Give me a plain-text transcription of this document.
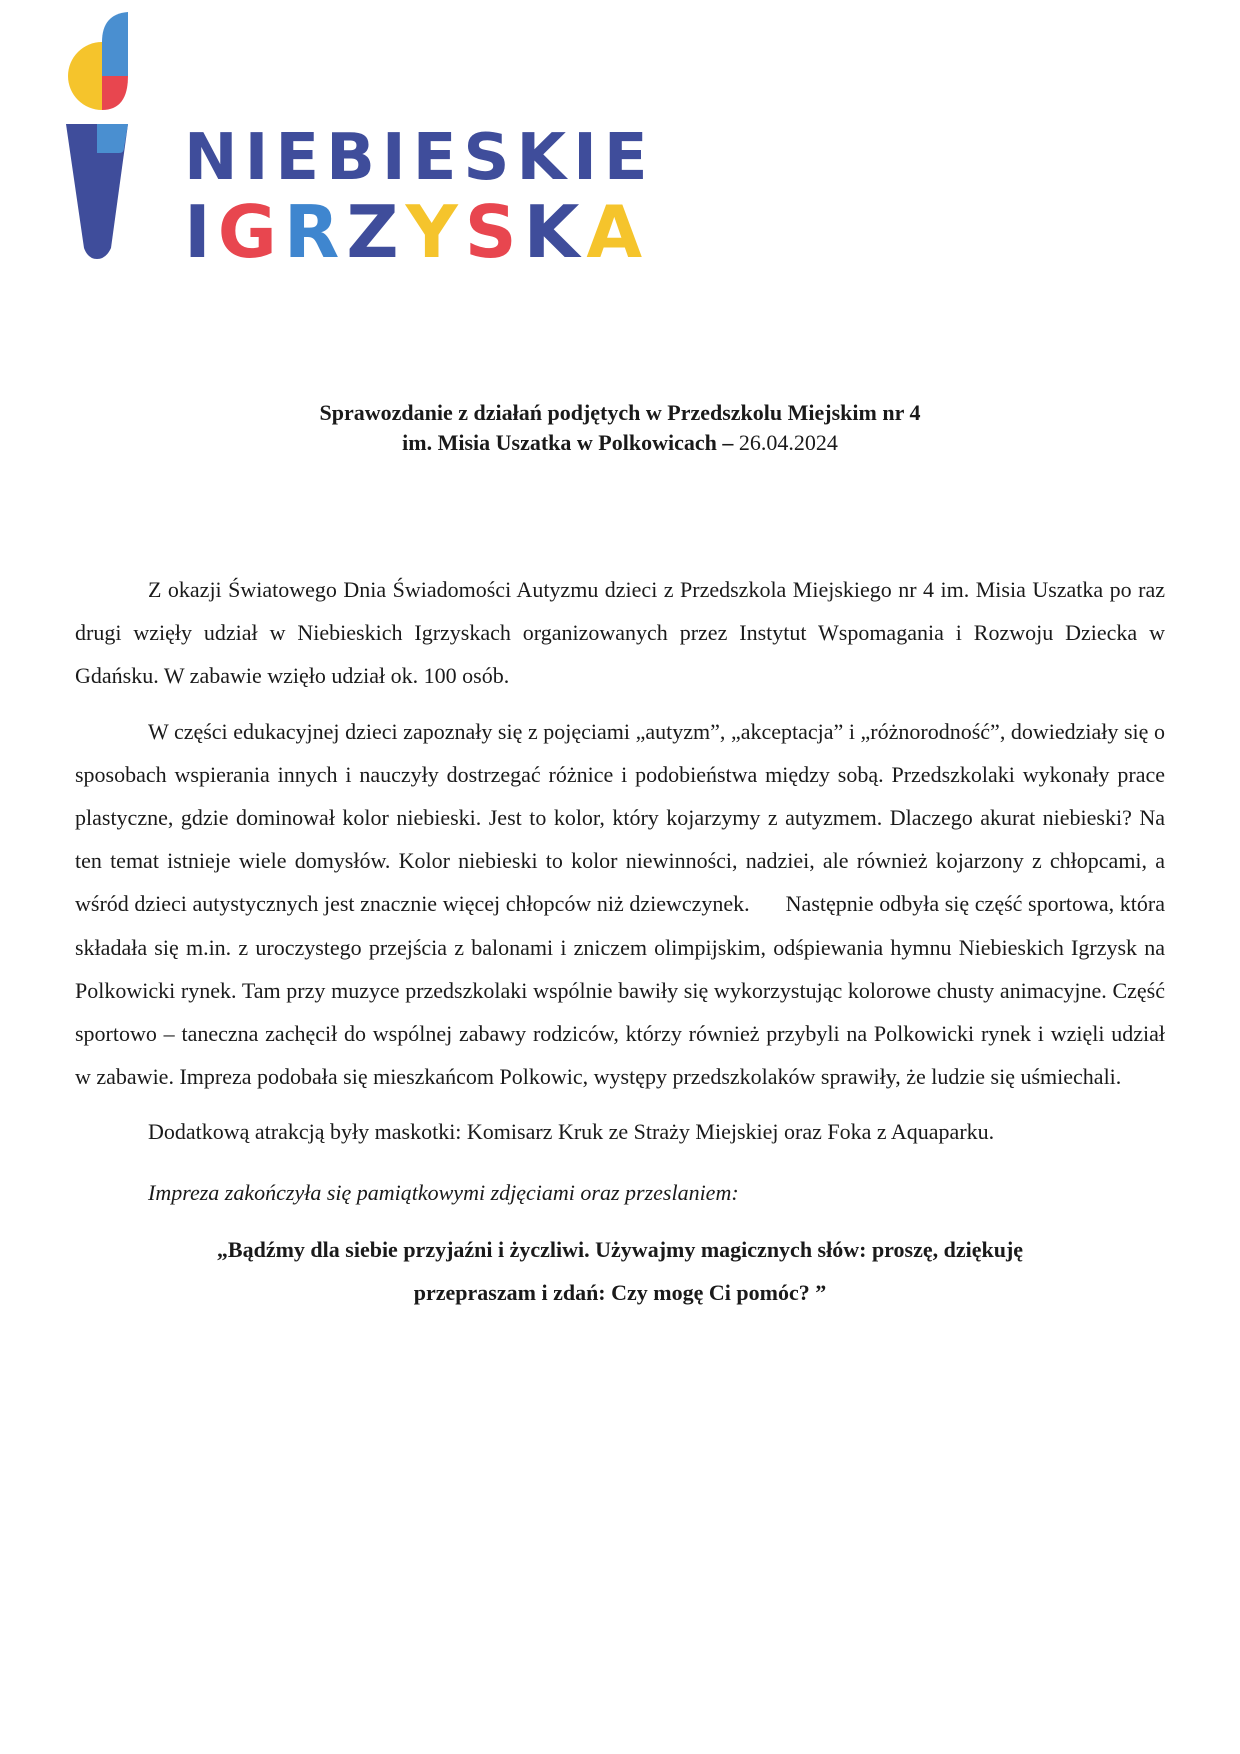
NIEBIESKIE
IGRZYSKA
Sprawozdanie z działań podjętych w Przedszkolu Miejskim nr 4
im. Misia Uszatka w Polkowicach – 26.04.2024

Z okazji Światowego Dnia Świadomości Autyzmu dzieci z Przedszkola Miejskiego nr 4 im. Misia Uszatka po raz drugi wzięły udział w Niebieskich Igrzyskach organizowanych przez Instytut Wspomagania i Rozwoju Dziecka w Gdańsku. W zabawie wzięło udział ok. 100 osób.

W części edukacyjnej dzieci zapoznały się z pojęciami „autyzm”, „akceptacja” i „różnorodność”, dowiedziały się o sposobach wspierania innych i nauczyły dostrzegać różnice i podobieństwa między sobą. Przedszkolaki wykonały prace plastyczne, gdzie dominował kolor niebieski. Jest to kolor, który kojarzymy z autyzmem. Dlaczego akurat niebieski? Na ten temat istnieje wiele domysłów. Kolor niebieski to kolor niewinności, nadziei, ale również kojarzony z chłopcami, a wśród dzieci autystycznych jest znacznie więcej chłopców niż dziewczynek. Następnie odbyła się część sportowa, która składała się m.in. z uroczystego przejścia z balonami i zniczem olimpijskim, odśpiewania hymnu Niebieskich Igrzysk na Polkowicki rynek. Tam przy muzyce przedszkolaki wspólnie bawiły się wykorzystując kolorowe chusty animacyjne. Część sportowo – taneczna zachęcił do wspólnej zabawy rodziców, którzy również przybyli na Polkowicki rynek i wzięli udział w zabawie. Impreza podobała się mieszkańcom Polkowic, występy przedszkolaków sprawiły, że ludzie się uśmiechali.

Dodatkową atrakcją były maskotki: Komisarz Kruk ze Straży Miejskiej oraz Foka z Aquaparku.

Impreza zakończyła się pamiątkowymi zdjęciami oraz przeslaniem:

„Bądźmy dla siebie przyjaźni i życzliwi. Używajmy magicznych słów: proszę, dziękuję
przepraszam i zdań: Czy mogę Ci pomóc? ”
